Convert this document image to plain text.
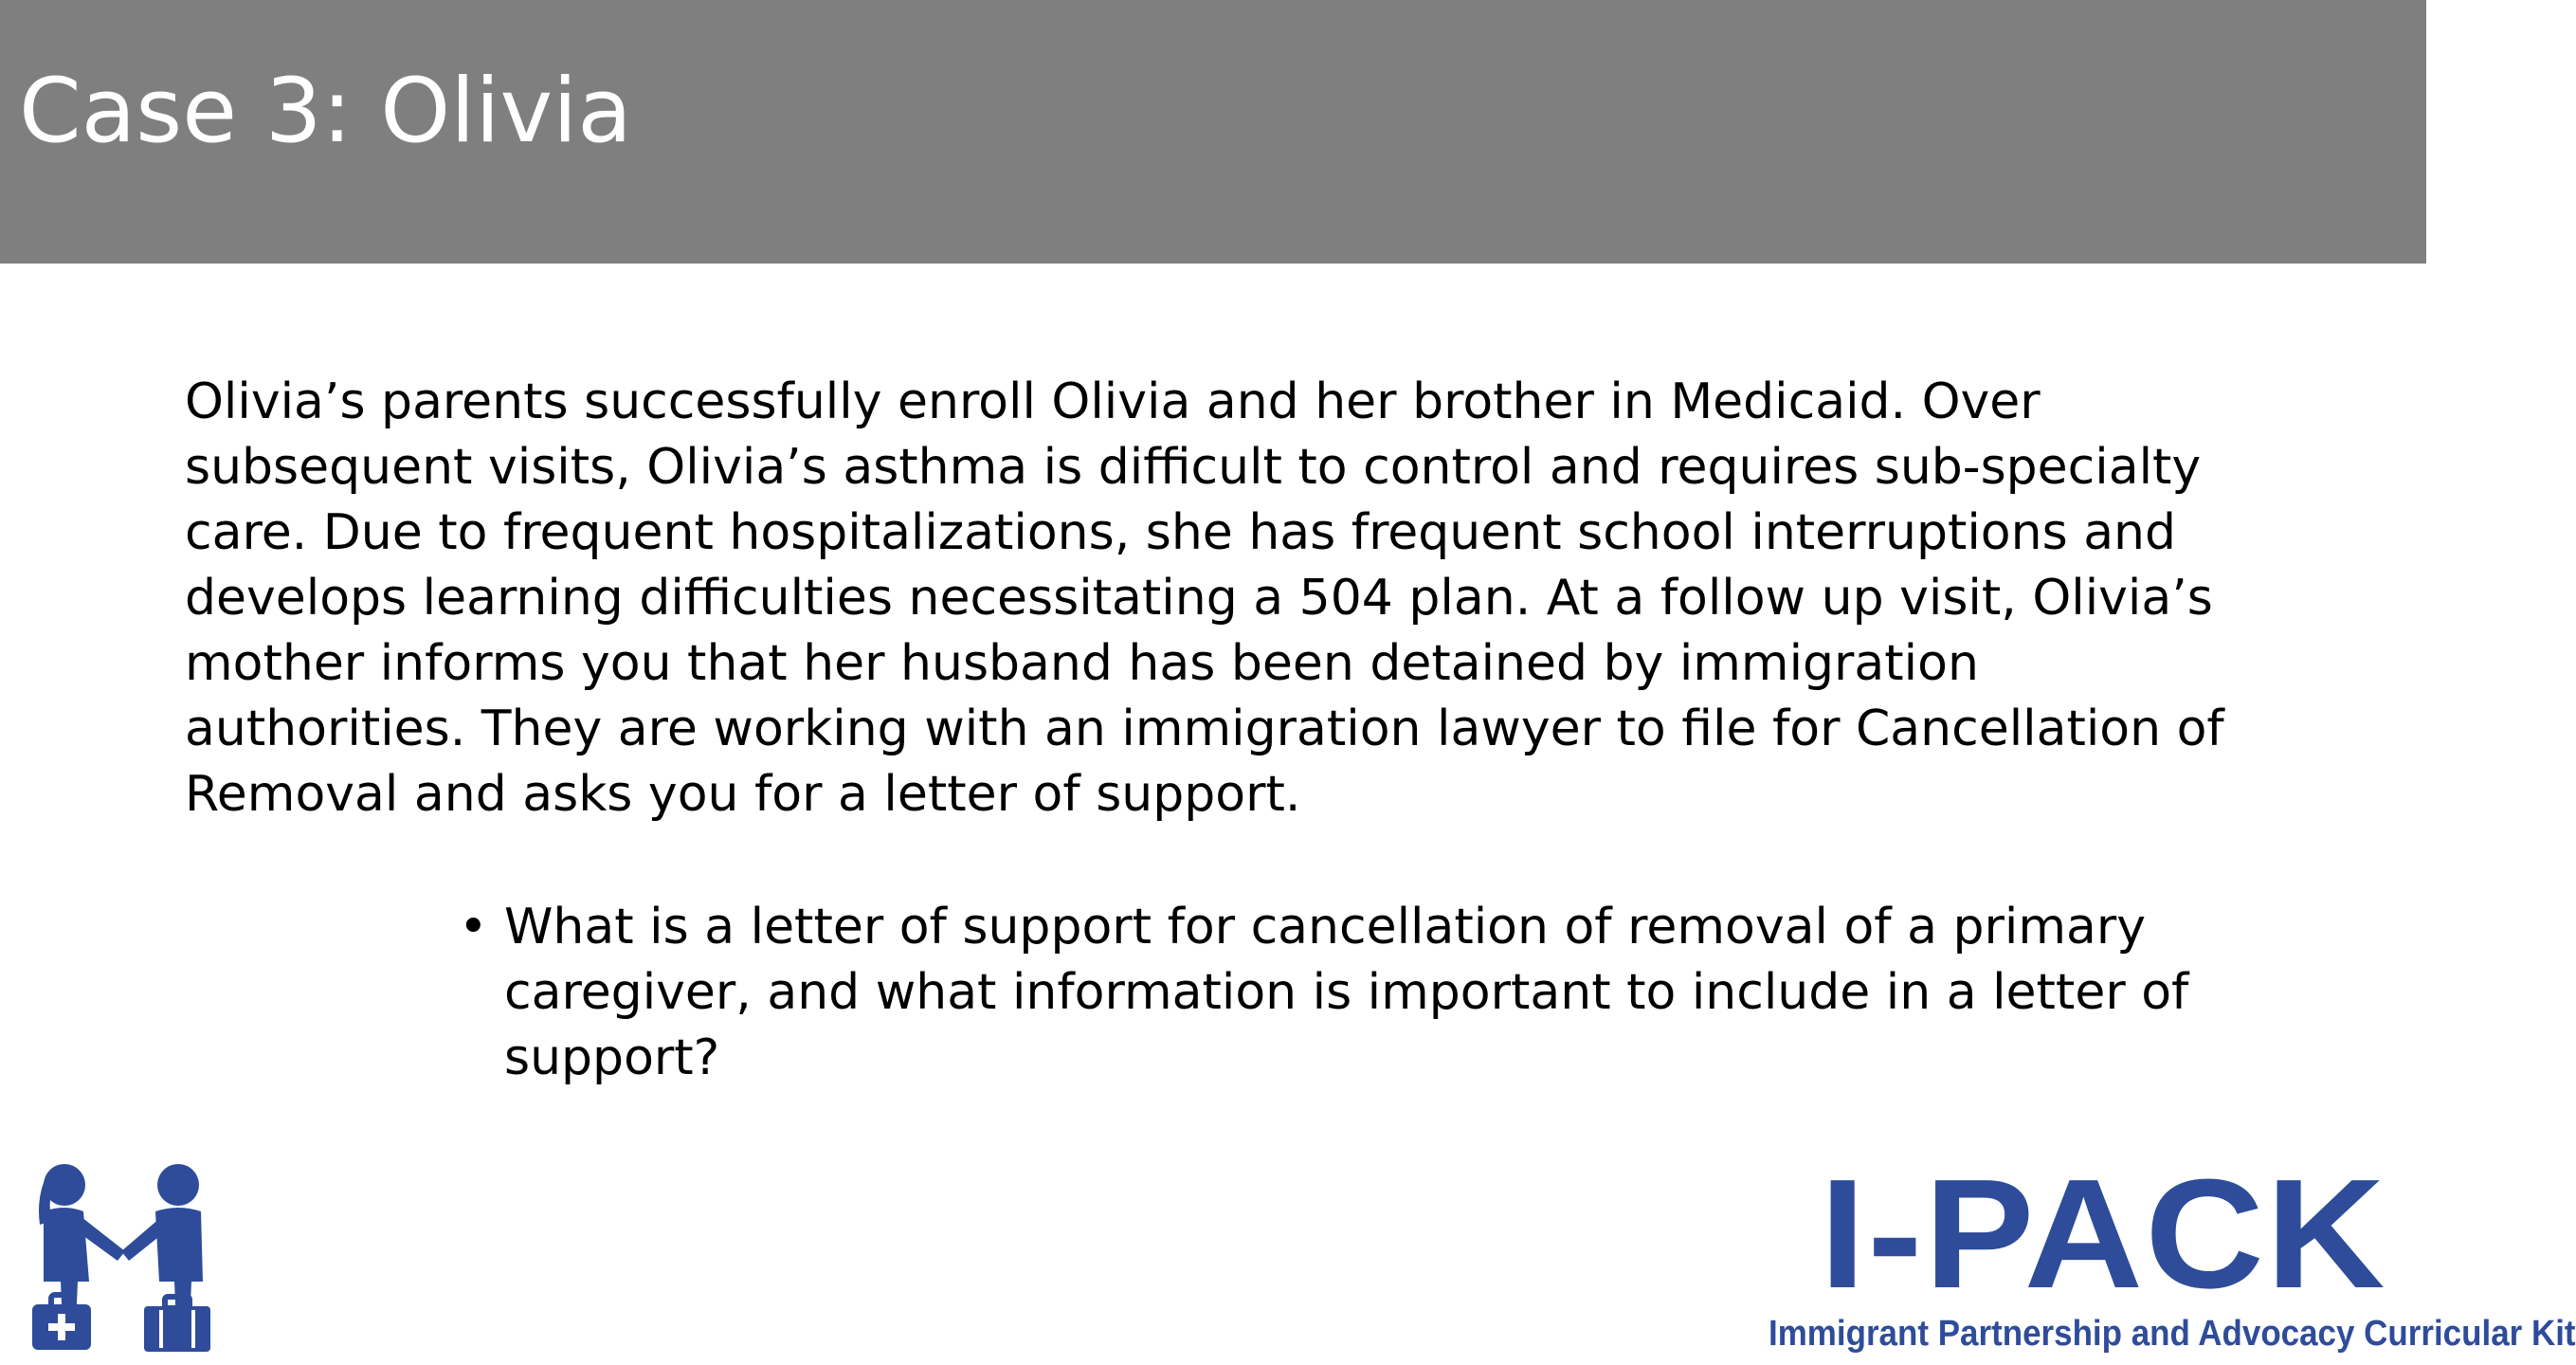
Case 3: Olivia

Olivia’s parents successfully enroll Olivia and her brother in Medicaid. Over subsequent visits, Olivia’s asthma is difficult to control and requires sub-specialty care. Due to frequent hospitalizations, she has frequent school interruptions and develops learning difficulties necessitating a 504 plan. At a follow up visit, Olivia’s mother informs you that her husband has been detained by immigration authorities. They are working with an immigration lawyer to file for Cancellation of Removal and asks you for a letter of support.

• What is a letter of support for cancellation of removal of a primary caregiver, and what information is important to include in a letter of support?

I-PACK

Immigrant Partnership and Advocacy Curricular Kit
